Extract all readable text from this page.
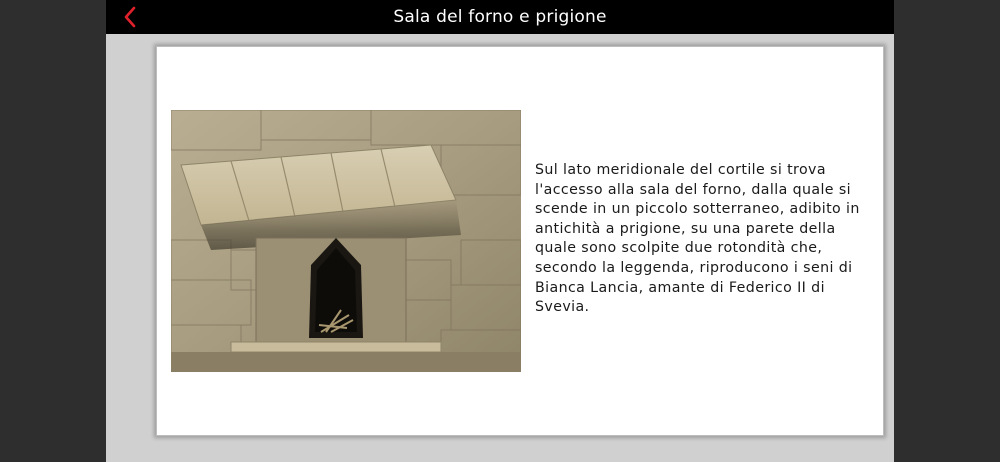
Sala del forno e prigione
Sul lato meridionale del cortile si trova l'accesso alla sala del forno, dalla quale si scende in un piccolo sotterraneo, adibito in antichità a prigione, su una parete della quale sono scolpite due rotondità che, secondo la leggenda, riproducono i seni di Bianca Lancia, amante di Federico II di Svevia.
